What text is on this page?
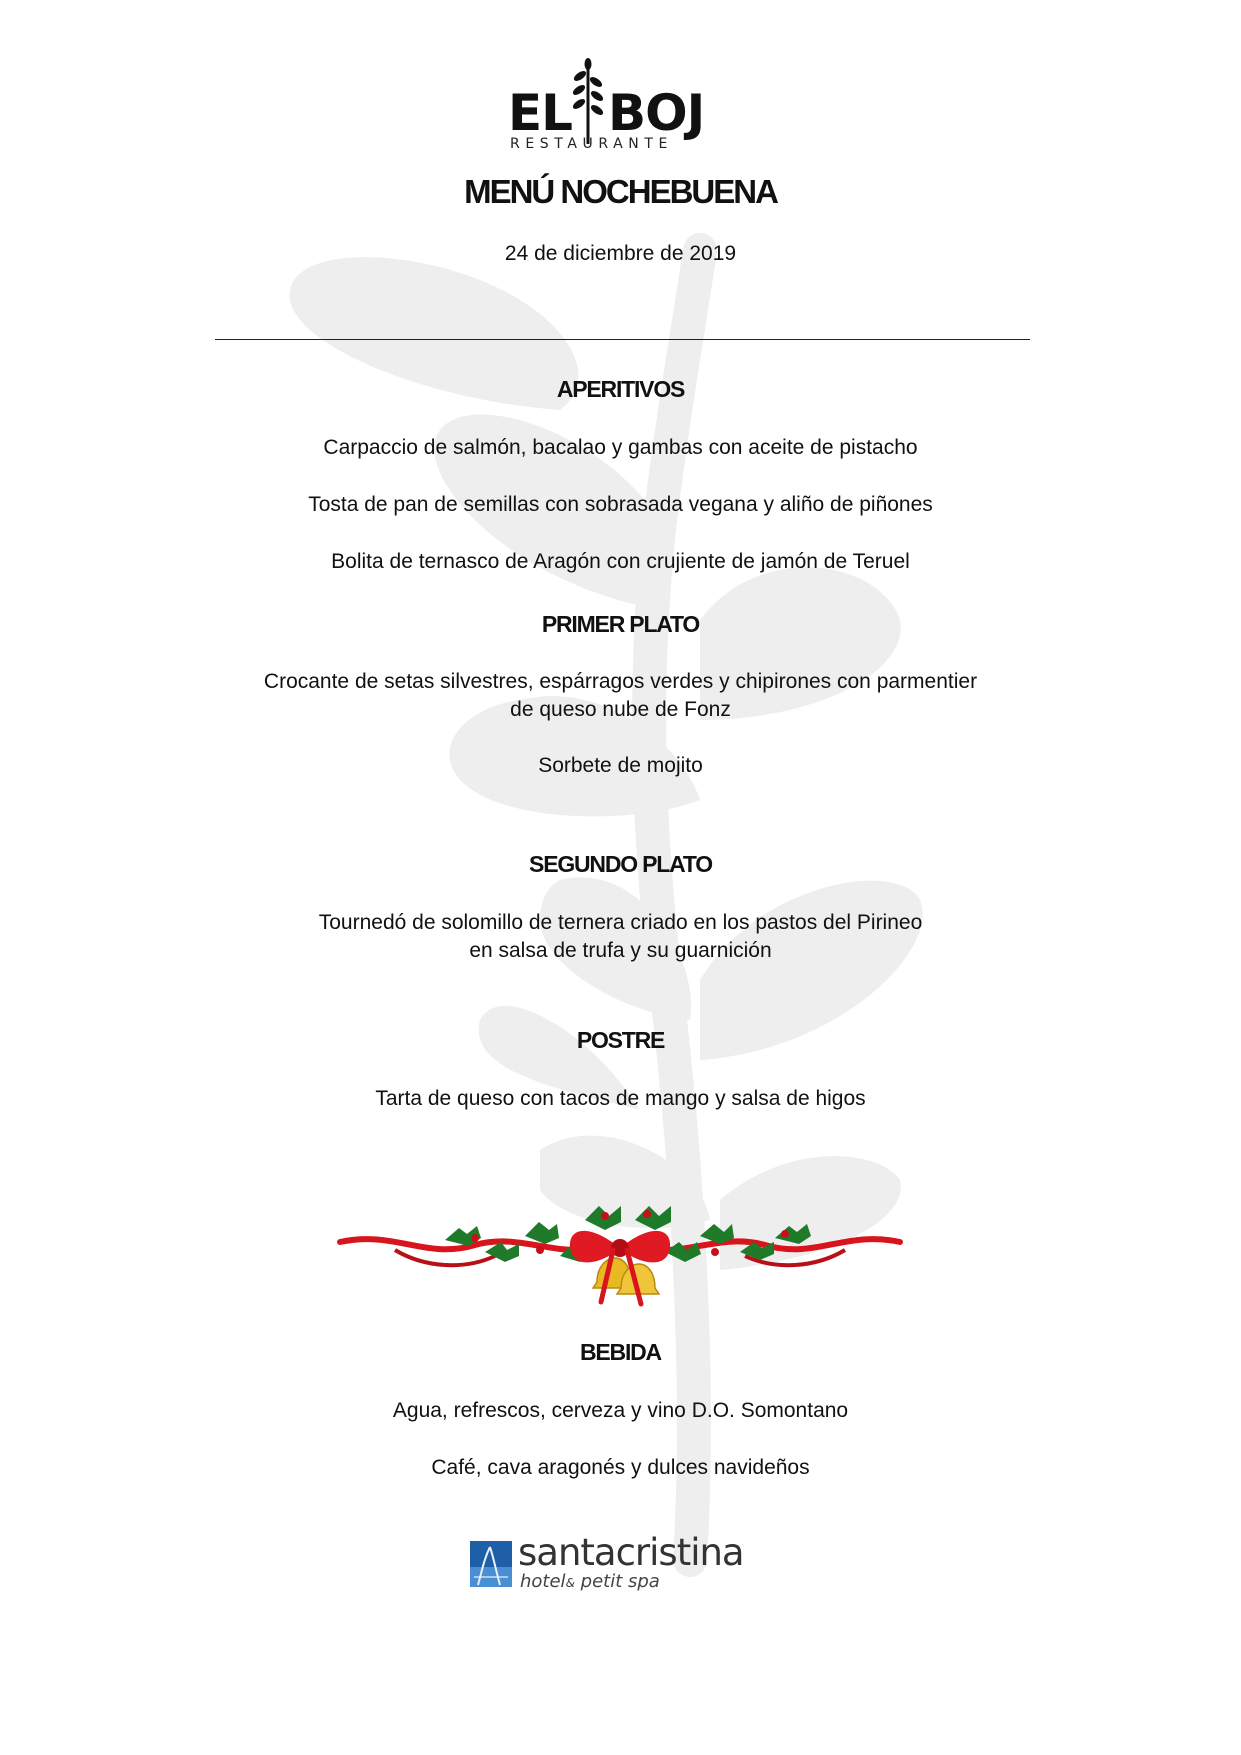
EL BOJ
RESTAURANTE
MENÚ NOCHEBUENA
24 de diciembre de 2019
APERITIVOS
Carpaccio de salmón, bacalao y gambas con aceite de pistacho
Tosta de pan de semillas con sobrasada vegana y aliño de piñones
Bolita de ternasco de Aragón con crujiente de jamón de Teruel
PRIMER PLATO
Crocante de setas silvestres, espárragos verdes y chipirones con parmentier
de queso nube de Fonz
Sorbete de mojito
SEGUNDO PLATO
Tournedó de solomillo de ternera criado en los pastos del Pirineo
en salsa de trufa y su guarnición
POSTRE
Tarta de queso con tacos de mango y salsa de higos
BEBIDA
Agua, refrescos, cerveza y vino D.O. Somontano
Café, cava aragonés y dulces navideños
santacristina
hotel& petit spa
